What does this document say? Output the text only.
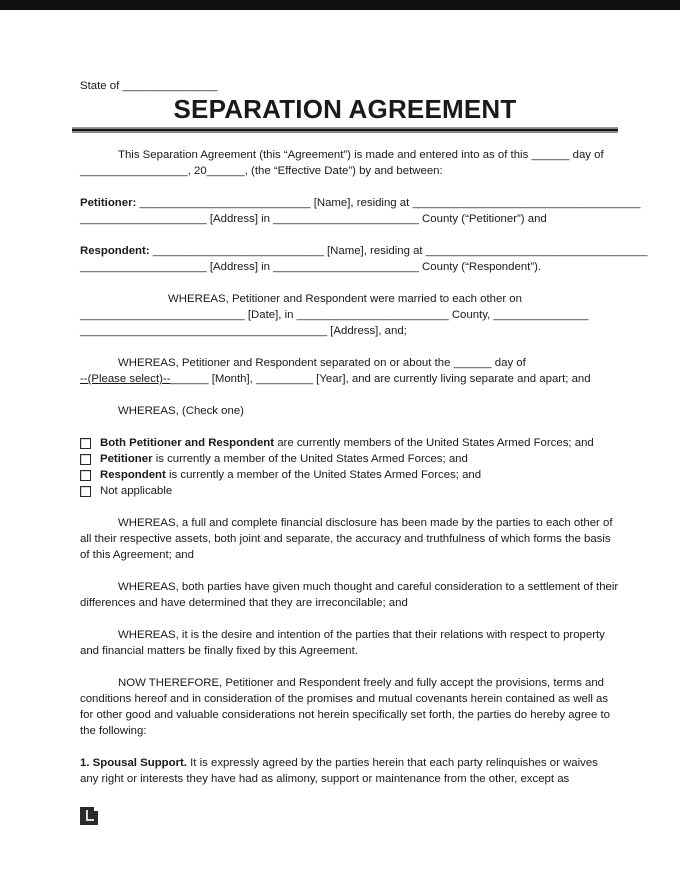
State of _______________
SEPARATION AGREEMENT
This Separation Agreement (this “Agreement”) is made and entered into as of this ______ day of
_________________, 20______, (the “Effective Date”) by and between:
Petitioner: ___________________________ [Name], residing at ____________________________________
____________________ [Address] in _______________________ County (“Petitioner”) and
Respondent: ___________________________ [Name], residing at ___________________________________
____________________ [Address] in _______________________ County (“Respondent”).
WHEREAS, Petitioner and Respondent were married to each other on
__________________________ [Date], in ________________________ County, _______________
_______________________________________ [Address], and;
WHEREAS, Petitioner and Respondent separated on or about the ______ day of
--(Please select)--______ [Month], _________ [Year], and are currently living separate and apart; and
WHEREAS, (Check one)
Both Petitioner and Respondent are currently members of the United States Armed Forces; and
Petitioner is currently a member of the United States Armed Forces; and
Respondent is currently a member of the United States Armed Forces; and
Not applicable
WHEREAS, a full and complete financial disclosure has been made by the parties to each other of
all their respective assets, both joint and separate, the accuracy and truthfulness of which forms the basis
of this Agreement; and
WHEREAS, both parties have given much thought and careful consideration to a settlement of their
differences and have determined that they are irreconcilable; and
WHEREAS, it is the desire and intention of the parties that their relations with respect to property
and financial matters be finally fixed by this Agreement.
NOW THEREFORE, Petitioner and Respondent freely and fully accept the provisions, terms and
conditions hereof and in consideration of the promises and mutual covenants herein contained as well as
for other good and valuable considerations not herein specifically set forth, the parties do hereby agree to
the following:
1. Spousal Support. It is expressly agreed by the parties herein that each party relinquishes or waives
any right or interests they have had as alimony, support or maintenance from the other, except as
